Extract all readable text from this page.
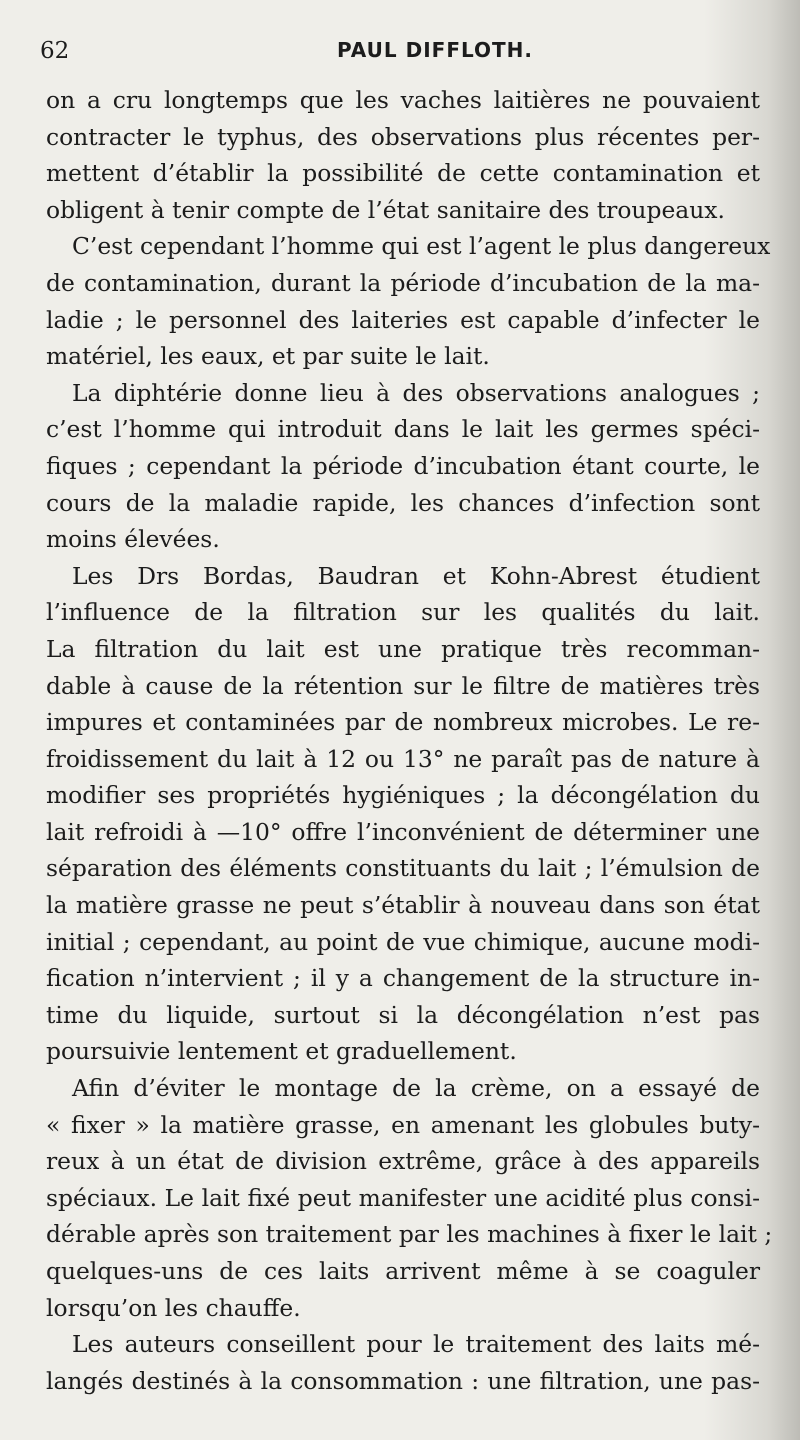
62	PAUL DIFFLOTH.
on a cru longtemps que les vaches laitières ne pouvaient
contracter le typhus, des observations plus récentes per-
mettent d’établir la possibilité de cette contamination et
obligent à tenir compte de l’état sanitaire des troupeaux.
C’est cependant l’homme qui est l’agent le plus dangereux
de contamination, durant la période d’incubation de la ma-
ladie ; le personnel des laiteries est capable d’infecter le
matériel, les eaux, et par suite le lait.
La diphtérie donne lieu à des observations analogues ;
c’est l’homme qui introduit dans le lait les germes spéci-
fiques ; cependant la période d’incubation étant courte, le
cours de la maladie rapide, les chances d’infection sont
moins élevées.
Les Drs Bordas, Baudran et Kohn-Abrest étudient
l’influence de la filtration sur les qualités du lait.
La filtration du lait est une pratique très recomman-
dable à cause de la rétention sur le filtre de matières très
impures et contaminées par de nombreux microbes. Le re-
froidissement du lait à 12 ou 13° ne paraît pas de nature à
modifier ses propriétés hygiéniques ; la décongélation du
lait refroidi à —10° offre l’inconvénient de déterminer une
séparation des éléments constituants du lait ; l’émulsion de
la matière grasse ne peut s’établir à nouveau dans son état
initial ; cependant, au point de vue chimique, aucune modi-
fication n’intervient ; il y a changement de la structure in-
time du liquide, surtout si la décongélation n’est pas
poursuivie lentement et graduellement.
Afin d’éviter le montage de la crème, on a essayé de
« fixer » la matière grasse, en amenant les globules buty-
reux à un état de division extrême, grâce à des appareils
spéciaux. Le lait fixé peut manifester une acidité plus consi-
dérable après son traitement par les machines à fixer le lait ;
quelques-uns de ces laits arrivent même à se coaguler
lorsqu’on les chauffe.
Les auteurs conseillent pour le traitement des laits mé-
langés destinés à la consommation : une filtration, une pas-
